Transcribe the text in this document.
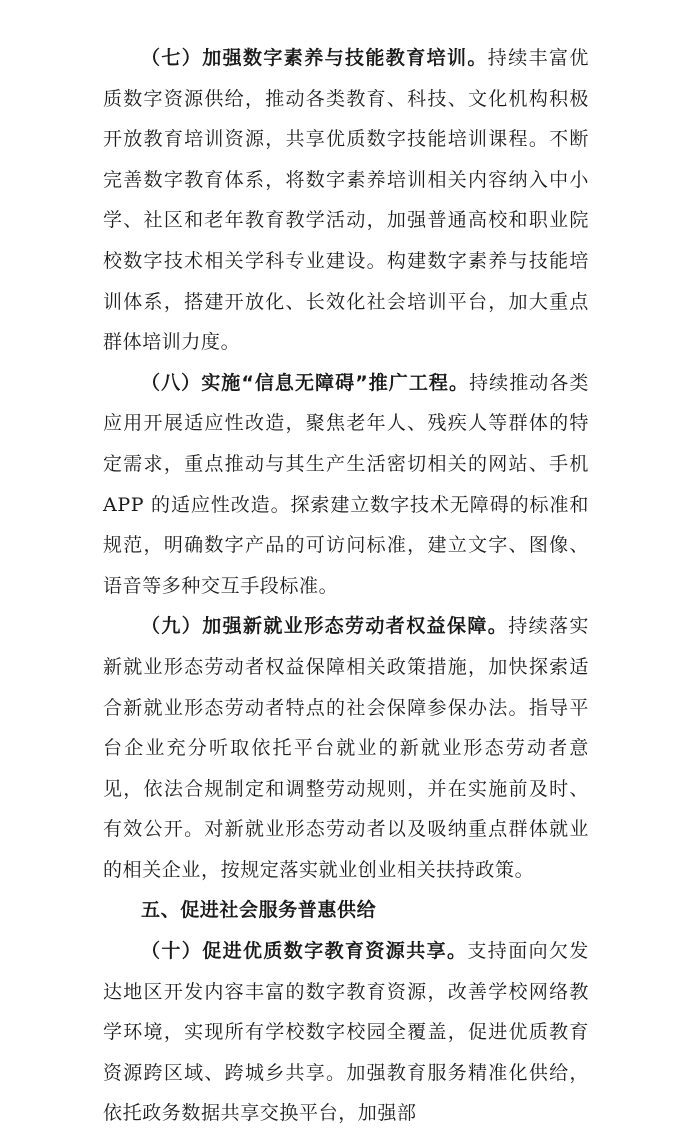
（七）加强数字素养与技能教育培训。持续丰富优质数字资源供给，推动各类教育、科技、文化机构积极开放教育培训资源，共享优质数字技能培训课程。不断完善数字教育体系，将数字素养培训相关内容纳入中小学、社区和老年教育教学活动，加强普通高校和职业院校数字技术相关学科专业建设。构建数字素养与技能培训体系，搭建开放化、长效化社会培训平台，加大重点群体培训力度。

（八）实施“信息无障碍”推广工程。持续推动各类应用开展适应性改造，聚焦老年人、残疾人等群体的特定需求，重点推动与其生产生活密切相关的网站、手机 APP 的适应性改造。探索建立数字技术无障碍的标准和规范，明确数字产品的可访问标准，建立文字、图像、语音等多种交互手段标准。

（九）加强新就业形态劳动者权益保障。持续落实新就业形态劳动者权益保障相关政策措施，加快探索适合新就业形态劳动者特点的社会保障参保办法。指导平台企业充分听取依托平台就业的新就业形态劳动者意见，依法合规制定和调整劳动规则，并在实施前及时、有效公开。对新就业形态劳动者以及吸纳重点群体就业的相关企业，按规定落实就业创业相关扶持政策。

五、促进社会服务普惠供给

（十）促进优质数字教育资源共享。支持面向欠发达地区开发内容丰富的数字教育资源，改善学校网络教学环境，实现所有学校数字校园全覆盖，促进优质教育资源跨区域、跨城乡共享。加强教育服务精准化供给，依托政务数据共享交换平台，加强部
